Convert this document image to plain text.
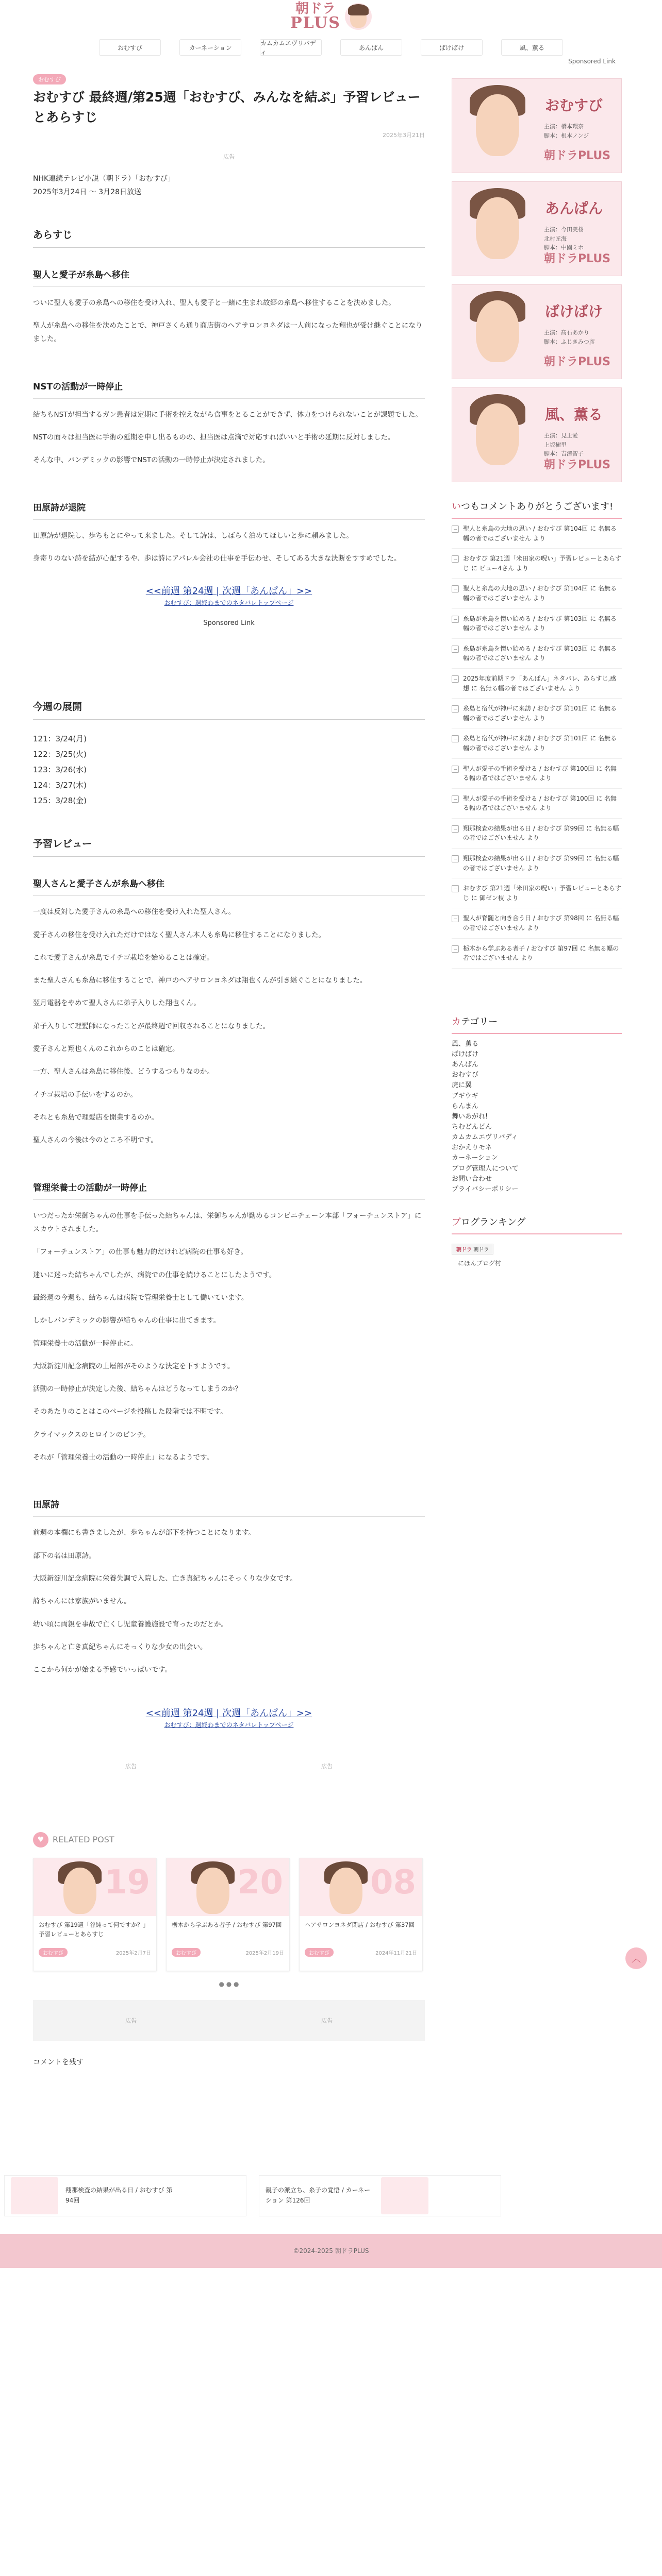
朝ドラ
PLUS
おむすび	カーネーション
カムカムエヴリバディ
あんぱん	ばけばけ	風、薫る
おむすび
おむすび 最終週/第25週「おむすび、みんなを結ぶ」予習レビューとあらすじ
2025年3月21日
広告
NHK連続テレビ小説（朝ドラ）「おむすび」
2025年3月24日 ～ 3月28日放送
あらすじ
聖人と愛子が糸島へ移住

ついに聖人も愛子の糸島への移住を受け入れ、聖人も愛子と一緒に生まれ故郷の糸島へ移住することを決めました。

聖人が糸島への移住を決めたことで、神戸さくら通り商店街のヘアサロンヨネダは一人前になった翔也が受け継ぐことになりました。

NSTの活動が一時停止

結ちもNSTが担当するガン患者は定期に手術を控えながら食事をとることができず、体力をつけられないことが課題でした。

NSTの面々は担当医に手術の延期を申し出るものの、担当医は点滴で対応すればいいと手術の延期に反対しました。

そんな中、パンデミックの影響でNSTの活動の一時停止が決定されました。

田原詩が退院

田原詩が退院し、歩ちもとにやって来ました。そして詩は、しばらく泊めてほしいと歩に頼みました。

身寄りのない詩を結が心配するや、歩は詩にアパレル会社の仕事を手伝わせ、そしてある大きな決断をすすめでした。

<<前週 第24週 | 次週「あんぱん」>>
おむすび：週終わまでのネタバレトップページ
Sponsored Link
今週の展開
121：3/24(月)
122：3/25(火)
123：3/26(水)
124：3/27(木)
125：3/28(金)
予習レビュー
聖人さんと愛子さんが糸島へ移住

一度は反対した愛子さんの糸島への移住を受け入れた聖人さん。

愛子さんの移住を受け入れただけではなく聖人さん本人も糸島に移住することになりました。

これで愛子さんが糸島でイチゴ栽培を始めることは確定。

また聖人さんも糸島に移住することで、神戸のヘアサロンヨネダは翔也くんが引き継ぐことになりました。

翌月電器をやめて聖人さんに弟子入りした翔也くん。

弟子入りして理髪師になったことが最終週で回収されることになりました。

愛子さんと翔也くんのこれからのことは確定。

一方、聖人さんは糸島に移住後、どうするつもりなのか。

イチゴ栽培の手伝いをするのか。

それとも糸島で理髪店を開業するのか。

聖人さんの今後は今のところ不明です。

管理栄養士の活動が一時停止

いつだったか栄御ちゃんの仕事を手伝った結ちゃんは、栄御ちゃんが勤めるコンビニチェーン本部「フォーチュンストア」にスカウトされました。

「フォーチュンストア」の仕事も魅力的だけれど病院の仕事も好き。

迷いに迷った結ちゃんでしたが、病院での仕事を続けることにしたようです。

最終週の今週も、結ちゃんは病院で管理栄養士として働いています。

しかしパンデミックの影響が結ちゃんの仕事に出てきます。

管理栄養士の活動が一時停止に。

大阪新淀川記念病院の上層部がそのような決定を下すようです。

活動の一時停止が決定した後、結ちゃんはどうなってしまうのか？

そのあたりのことはこのページを投稿した段階では不明です。

クライマックスのヒロインのピンチ。

それが「管理栄養士の活動の一時停止」になるようです。

田原詩

前週の本欄にも書きましたが、歩ちゃんが部下を持つことになります。

部下の名は田原詩。

大阪新淀川記念病院に栄養失調で入院した、亡き真紀ちゃんにそっくりな少女です。

詩ちゃんには家族がいません。

幼い頃に両親を事故で亡くし児童養護施設で育ったのだとか。

歩ちゃんと亡き真紀ちゃんにそっくりな少女の出会い。

ここから何かが始まる予感でいっぱいです。

<<前週 第24週 | 次週「あんぱん」>>
おむすび：週終わまでのネタバレトップページ
広告	広告
♥	RELATED POST
19
おむすび 第19週「谷純って何ですか？」予習レビューとあらすじ
おむすび	2025年2月7日
20
栃木から学ぶある者子 / おむすび 第97回
おむすび	2025年2月19日
08
ヘアサロンヨネダ閉店 / おむすび 第37回
おむすび	2024年11月21日
● ● ●
広告	広告
コメントを残す
Sponsored Link
おむすび
主演：橋本環奈
脚本：根本ノンジ
朝ドラPLUS
あんぱん
主演：今田美桜
北村匠海
脚本：中園ミホ
朝ドラPLUS
ばけばけ
主演：髙石あかり
脚本：ふじきみつ彦
朝ドラPLUS
風、薫る
主演：見上愛
上坂樹里
脚本：吉澤智子
朝ドラPLUS
いつもコメントありがとうございます!
聖人と糸島の大地の思い / おむすび 第104回 に 名無る幅の者ではございません より
おむすび 第21週「米田家の呪い」予習レビューとあらすじ に ピュー4さん より
聖人と糸島の大地の思い / おむすび 第104回 に 名無る幅の者ではございません より
糸島が糸島を懐い始める / おむすび 第103回 に 名無る幅の者ではございません より
糸島が糸島を懐い始める / おむすび 第103回 に 名無る幅の者ではございません より
2025年度前期ドラ「あんぱん」ネタバレ、あらすじ,感想 に 名無る幅の者ではございません より
糸島と宿代が神戸に来訪 / おむすび 第101回 に 名無る幅の者ではございません より
糸島と宿代が神戸に来訪 / おむすび 第101回 に 名無る幅の者ではございません より
聖人が愛子の手術を受ける / おむすび 第100回 に 名無る幅の者ではございません より
聖人が愛子の手術を受ける / おむすび 第100回 に 名無る幅の者ではございません より
翔那検査の結果が出る日 / おむすび 第99回 に 名無る幅の者ではございません より
翔那検査の結果が出る日 / おむすび 第99回 に 名無る幅の者ではございません より
おむすび 第21週「米田家の呪い」予習レビューとあらすじ に 御ゼン枝 より
聖人が脊髄と向き合う日 / おむすび 第98回 に 名無る幅の者ではございません より
栃木から学ぶある者子 / おむすび 第97回 に 名無る幅の者ではございません より
カテゴリー
風、薫る
ばけばけ
あんぱん
おむすび
虎に翼
ブギウギ
らんまん
舞いあがれ!
ちむどんどん
カムカムエヴリバディ
おかえりモネ
カーネーション
ブログ管理人について
お問い合わせ
プライバシーポリシー
ブログランキング
朝ドラ 朝ドラ
にほんブログ村
翔那検査の結果が出る日 / おむすび 第94回
親子の派立ち、糸子の覚悟 / カーネーション 第126回
©2024-2025 朝ドラPLUS
︿
